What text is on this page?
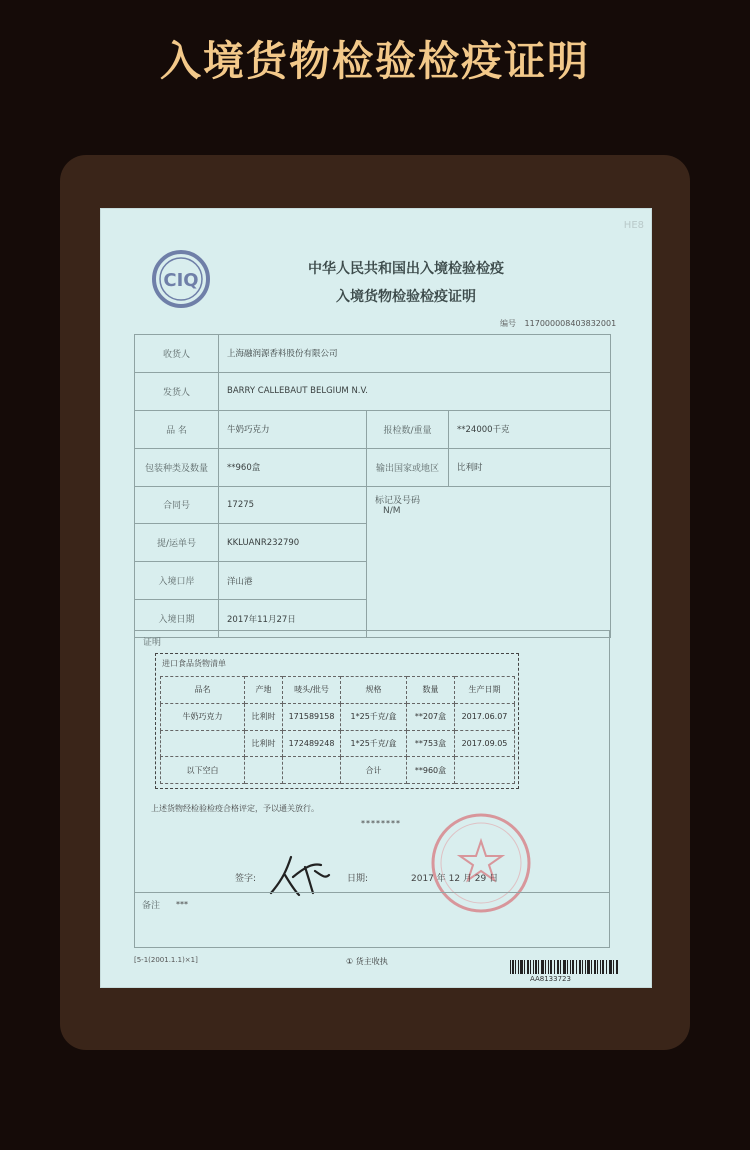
入境货物检验检疫证明
HE8
CIQ
中华人民共和国出入境检验检疫
入境货物检验检疫证明
编号 117000008403832001
收货人	上海融润源香料股份有限公司		
发货人	BARRY CALLEBAUT BELGIUM N.V.		
品 名	牛奶巧克力	报检数/重量	**24000千克
包装种类及数量	**960盒	输出国家或地区	比利时
合同号	17275	标记及号码
N/M	

提/运单号	KKLUANR232790		
入境口岸	洋山港		
入境日期	2017年11月27日		
证明
进口食品货物清单
品名	产地	唛头/批号	规格	数量	生产日期
牛奶巧克力	比利时	171589158	1*25千克/盒	**207盒	2017.06.07
	比利时	172489248	1*25千克/盒	**753盒	2017.09.05
以下空白			合计	**960盒	
上述货物经检验检疫合格评定，予以通关放行。
********
签字:	日期:	2017 年 12 月 29 日
备注 ***
[5-1(2001.1.1)×1]	① 货主收执
AA8133723
